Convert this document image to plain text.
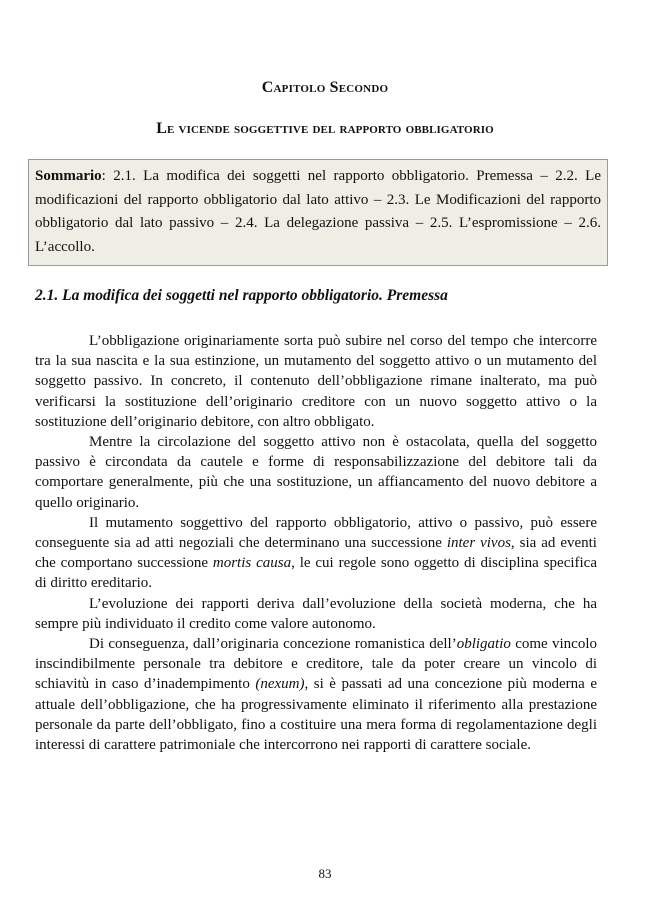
Capitolo Secondo
Le vicende soggettive del rapporto obbligatorio
Sommario: 2.1. La modifica dei soggetti nel rapporto obbligatorio. Premessa – 2.2. Le modificazioni del rapporto obbligatorio dal lato attivo – 2.3. Le Modificazioni del rapporto obbligatorio dal lato passivo – 2.4. La delegazione passiva – 2.5. L’espromissione – 2.6. L’accollo.
2.1. La modifica dei soggetti nel rapporto obbligatorio. Premessa

L’obbligazione originariamente sorta può subire nel corso del tempo che intercorre tra la sua nascita e la sua estinzione, un mutamento del soggetto attivo o un mutamento del soggetto passivo. In concreto, il contenuto dell’obbligazione rimane inalterato, ma può verificarsi la sostituzione dell’originario creditore con un nuovo soggetto attivo o la sostituzione dell’originario debitore, con altro obbligato.

Mentre la circolazione del soggetto attivo non è ostacolata, quella del soggetto passivo è circondata da cautele e forme di responsabilizzazione del debitore tali da comportare generalmente, più che una sostituzione, un affiancamento del nuovo debitore a quello originario.

Il mutamento soggettivo del rapporto obbligatorio, attivo o passivo, può essere conseguente sia ad atti negoziali che determinano una successione inter vivos, sia ad eventi che comportano successione mortis causa, le cui regole sono oggetto di disciplina specifica di diritto ereditario.

L’evoluzione dei rapporti deriva dall’evoluzione della società moderna, che ha sempre più individuato il credito come valore autonomo.

Di conseguenza, dall’originaria concezione romanistica dell’obligatio come vincolo inscindibilmente personale tra debitore e creditore, tale da poter creare un vincolo di schiavitù in caso d’inadempimento (nexum), si è passati ad una concezione più moderna e attuale dell’obbligazione, che ha progressivamente eliminato il riferimento alla prestazione personale da parte dell’obbligato, fino a costituire una mera forma di regolamentazione degli interessi di carattere patrimoniale che intercorrono nei rapporti di carattere sociale.

83
